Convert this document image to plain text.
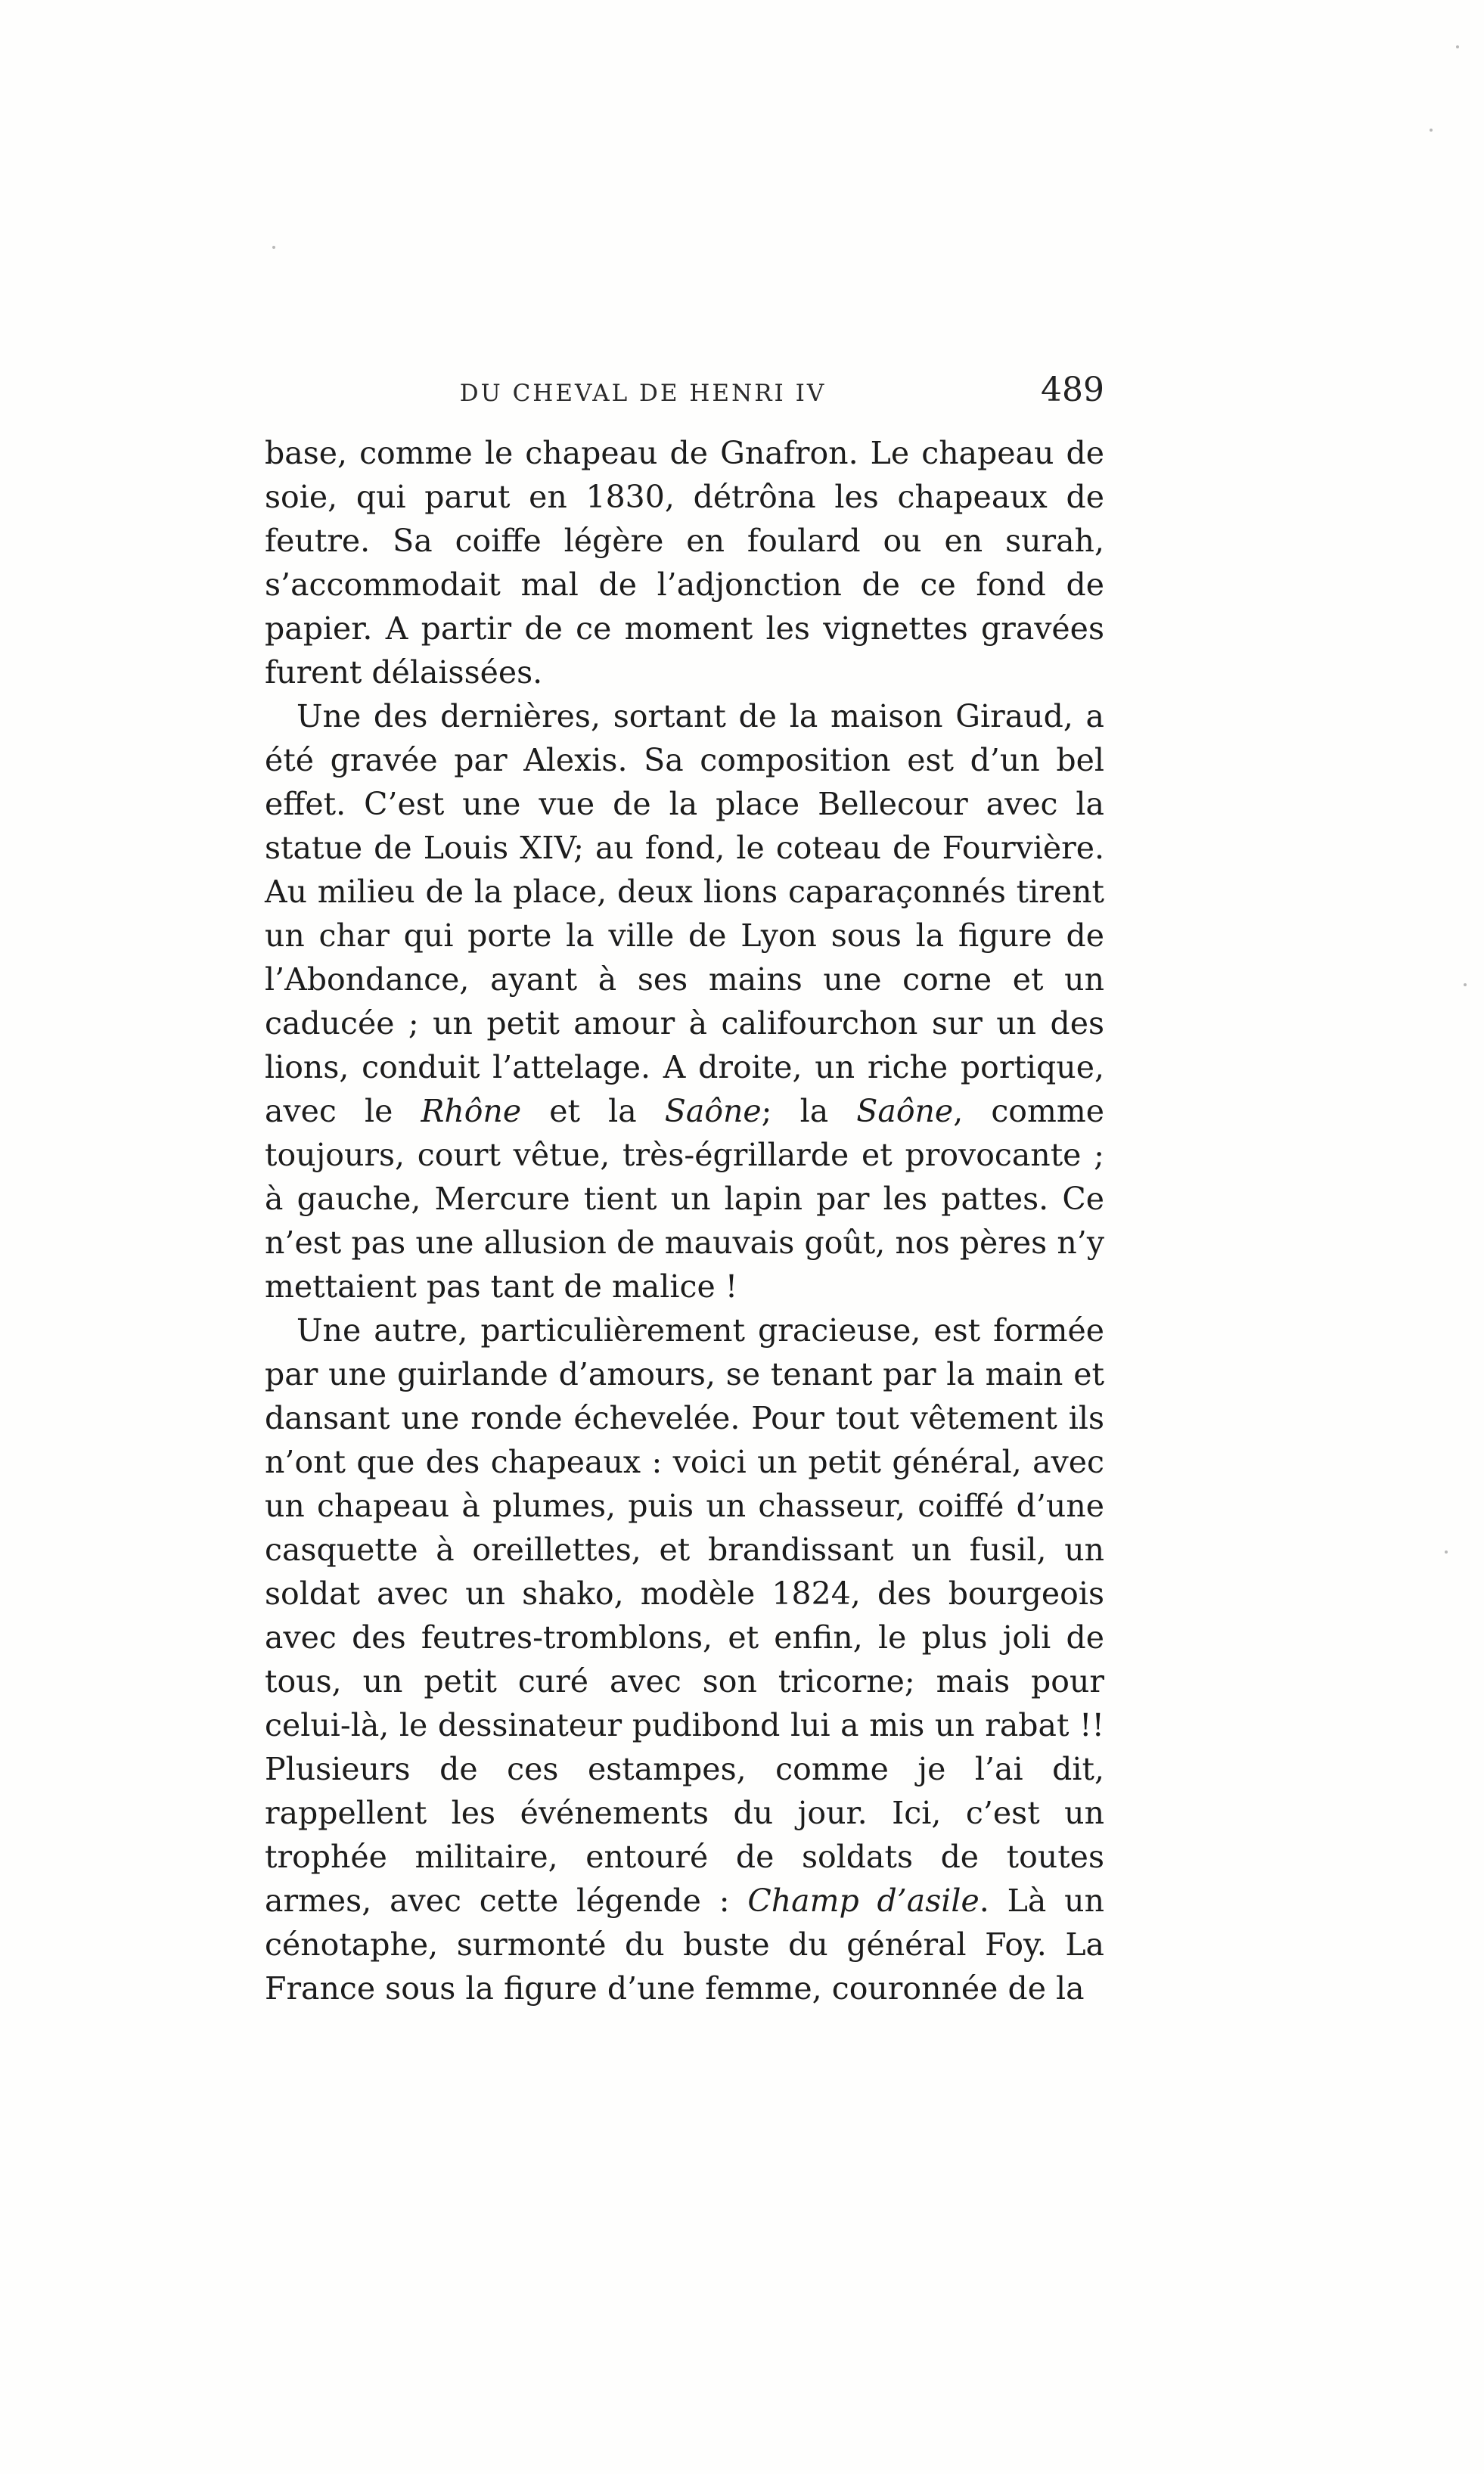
DU CHEVAL DE HENRI IV	489

base, comme le chapeau de Gnafron. Le chapeau de soie, qui parut en 1830, détrôna les chapeaux de feutre. Sa coiffe légère en foulard ou en surah, s’accommodait mal de l’adjonction de ce fond de papier. A partir de ce moment les vignettes gravées furent délaissées.

Une des dernières, sortant de la maison Giraud, a été gravée par Alexis. Sa composition est d’un bel effet. C’est une vue de la place Bellecour avec la statue de Louis XIV; au fond, le coteau de Fourvière. Au milieu de la place, deux lions caparaçonnés tirent un char qui porte la ville de Lyon sous la figure de l’Abondance, ayant à ses mains une corne et un caducée ; un petit amour à califourchon sur un des lions, conduit l’attelage. A droite, un riche portique, avec le Rhône et la Saône; la Saône, comme toujours, court vêtue, très-égrillarde et provocante ; à gauche, Mercure tient un lapin par les pattes. Ce n’est pas une allusion de mauvais goût, nos pères n’y mettaient pas tant de malice !

Une autre, particulièrement gracieuse, est formée par une guirlande d’amours, se tenant par la main et dansant une ronde échevelée. Pour tout vêtement ils n’ont que des chapeaux : voici un petit général, avec un chapeau à plumes, puis un chasseur, coiffé d’une casquette à oreillettes, et brandissant un fusil, un soldat avec un shako, modèle 1824, des bourgeois avec des feutres-tromblons, et enfin, le plus joli de tous, un petit curé avec son tricorne; mais pour celui-là, le dessinateur pudibond lui a mis un rabat !! Plusieurs de ces estampes, comme je l’ai dit, rappellent les événements du jour. Ici, c’est un trophée militaire, entouré de soldats de toutes armes, avec cette légende : Champ d’asile. Là un cénotaphe, surmonté du buste du général Foy. La France sous la figure d’une femme, couronnée de la
